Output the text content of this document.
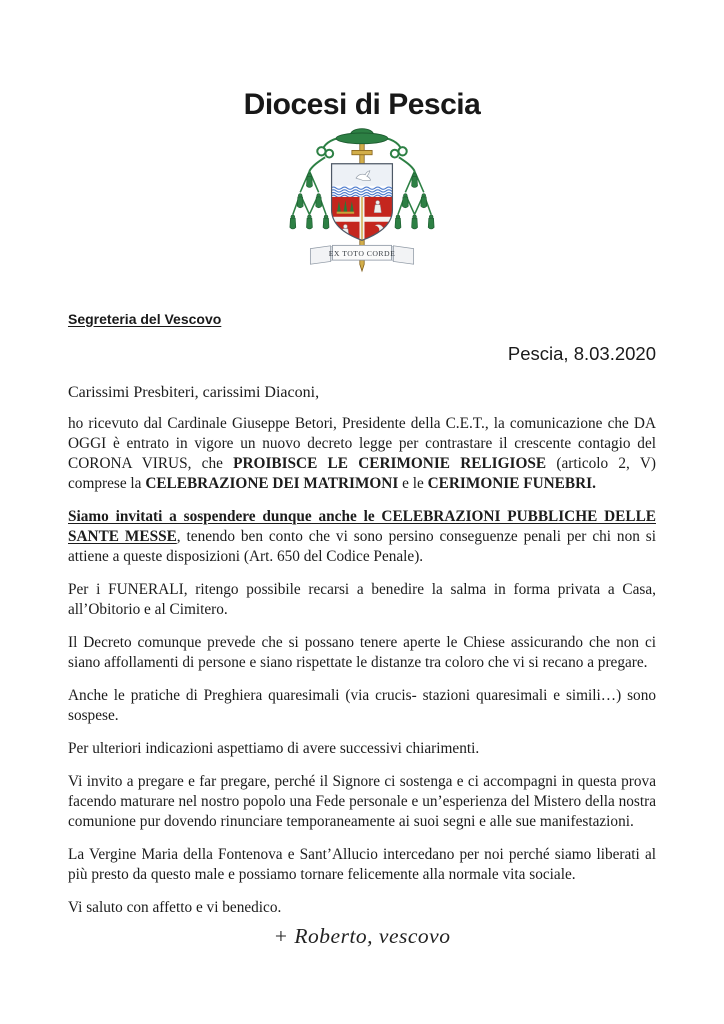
Diocesi di Pescia
EX TOTO CORDE
Segreteria del Vescovo
Pescia, 8.03.2020
Carissimi Presbiteri, carissimi Diaconi,

ho ricevuto dal Cardinale Giuseppe Betori, Presidente della C.E.T., la comunicazione che DA OGGI è entrato in vigore un nuovo decreto legge per contrastare il crescente contagio del CORONA VIRUS, che PROIBISCE LE CERIMONIE RELIGIOSE (articolo 2, V) comprese la CELEBRAZIONE DEI MATRIMONI e le CERIMONIE FUNEBRI.

Siamo invitati a sospendere dunque anche le CELEBRAZIONI PUBBLICHE DELLE SANTE MESSE, tenendo ben conto che vi sono persino conseguenze penali per chi non si attiene a queste disposizioni (Art. 650 del Codice Penale).

Per i FUNERALI, ritengo possibile recarsi a benedire la salma in forma privata a Casa, all’Obitorio e al Cimitero.

Il Decreto comunque prevede che si possano tenere aperte le Chiese assicurando che non ci siano affollamenti di persone e siano rispettate le distanze tra coloro che vi si recano a pregare.

Anche le pratiche di Preghiera quaresimali (via crucis- stazioni quaresimali e simili…) sono sospese.

Per ulteriori indicazioni aspettiamo di avere successivi chiarimenti.

Vi invito a pregare e far pregare, perché il Signore ci sostenga e ci accompagni in questa prova facendo maturare nel nostro popolo una Fede personale e un’esperienza del Mistero della nostra comunione pur dovendo rinunciare temporaneamente ai suoi segni e alle sue manifestazioni.

La Vergine Maria della Fontenova e Sant’Allucio intercedano per noi perché siamo liberati al più presto da questo male e possiamo tornare felicemente alla normale vita sociale.

Vi saluto con affetto e vi benedico.

+ Roberto, vescovo
